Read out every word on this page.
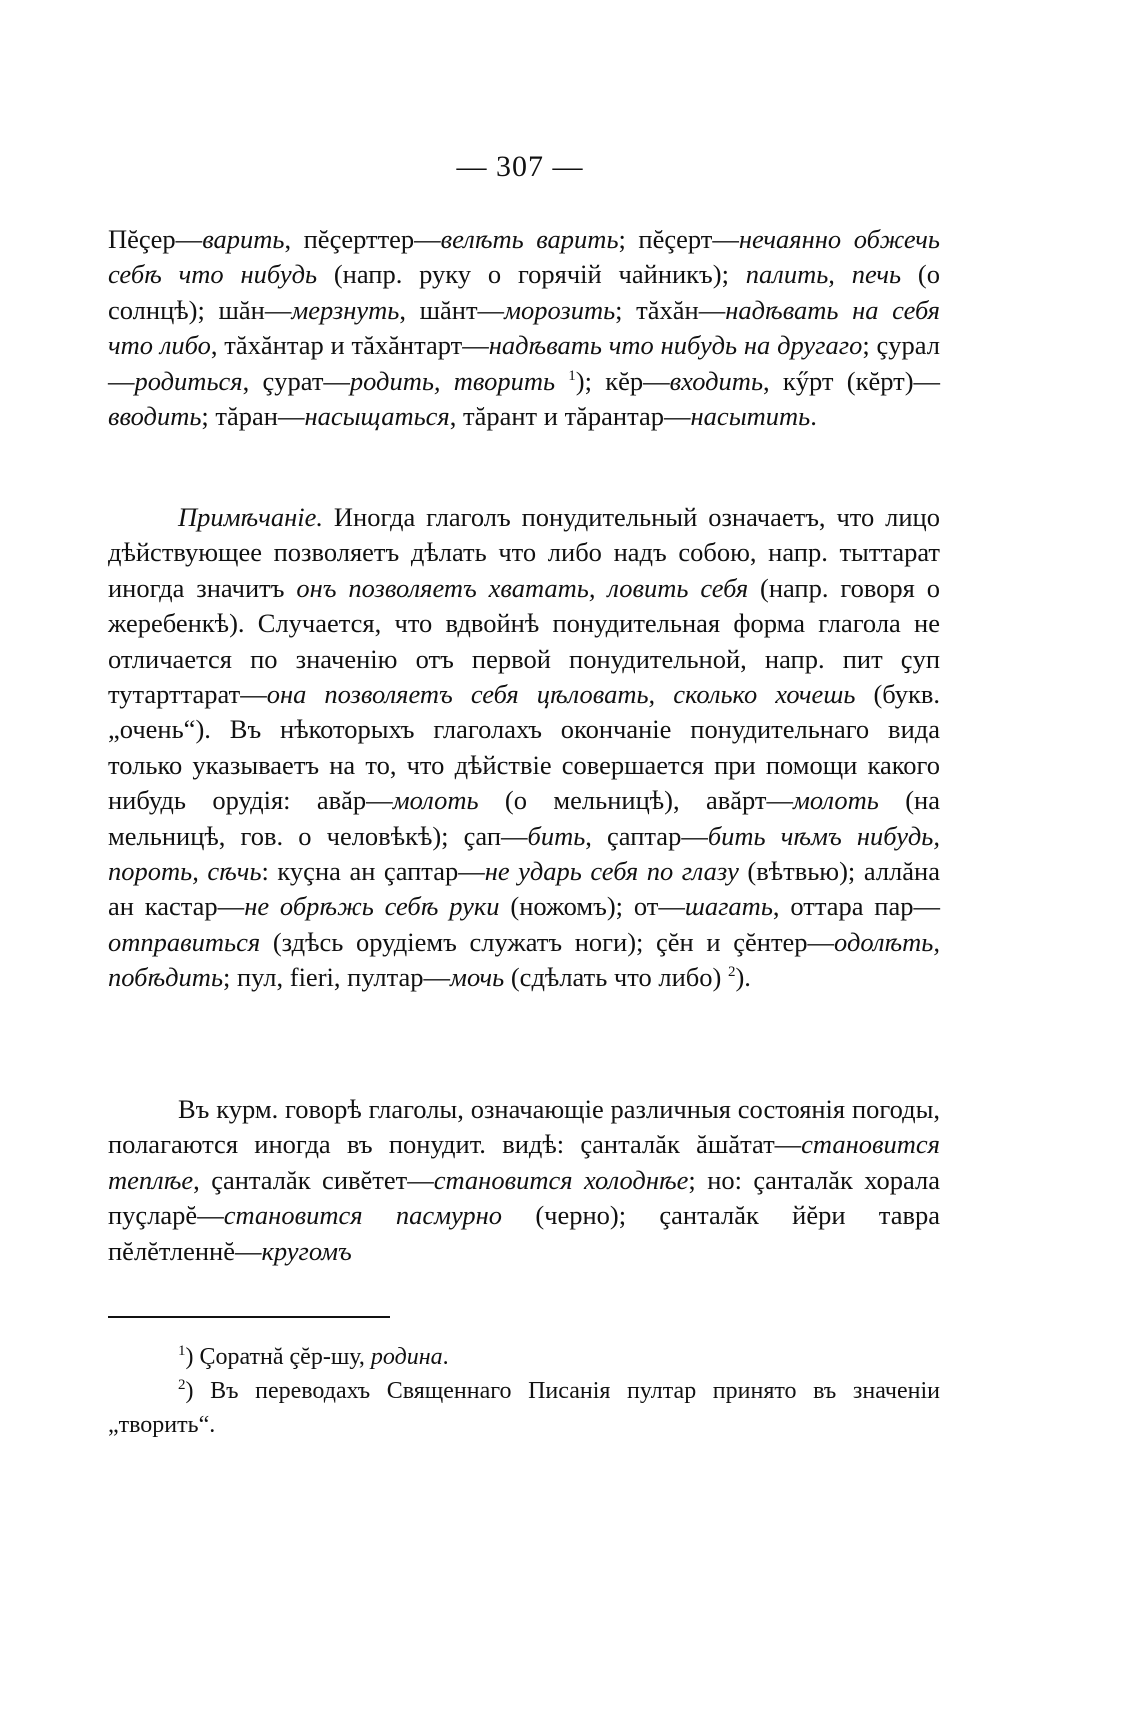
— 307 —

Пĕçер—варить, пĕçерттер—велѣть варить; пĕçерт—нечаянно обжечь себѣ что нибудь (напр. руку о горячій чайникъ); палить, печь (о солнцѣ); шăн—мерзнуть, шăнт—морозить; тăхăн—надѣвать на себя что либо, тăхăнтар и тăхăнтарт—надѣвать что нибудь на другаго; çурал—родиться, çурат—родить, творить $^1$); кĕр—входить, кӳрт (кĕрт)—вводить; тăран—насыщаться, тăрант и тăрантар—насытить.

Примѣчаніе. Иногда глаголъ понудительный означаетъ, что лицо дѣйствующее позволяетъ дѣлать что либо надъ собою, напр. тыттарат иногда значитъ онъ позволяетъ хватать, ловить себя (напр. говоря о жеребенкѣ). Случается, что вдвойнѣ понудительная форма глагола не отличается по значенію отъ первой понудительной, напр. пит ҫуп тутарттарат—она позволяетъ себя цѣловать, сколько хочешь (букв. „очень“). Въ нѣкоторыхъ глаголахъ окончаніе понудительнаго вида только указываетъ на то, что дѣйствіе совершается при помощи какого нибудь орудія: авăр—молоть (о мельницѣ), авăрт—молоть (на мельницѣ, гов. о человѣкѣ); çап—бить, çаптар—бить чѣмъ нибудь, пороть, сѣчь: куçна ан çаптар—не ударь себя по глазу (вѣтвью); аллăна ан кастар—не обрѣжь себѣ руки (ножомъ); от—шагать, оттара пар—отправиться (здѣсь орудіемъ служатъ ноги); çĕн и çĕнтер—одолѣть, побѣдить; пул, fieri, пултар—мочь (сдѣлать что либо) $^2$).

Въ курм. говорѣ глаголы, означающіе различныя состоянія погоды, полагаются иногда въ понудит. видѣ: çанталăк ăшăтат—становится теплѣе, çанталăк сивĕтет—становится холоднѣе; но: çанталăк хорала пуçларĕ—становится пасмурно (черно); çанталăк йĕри тавра пĕлĕтленнĕ—кругомъ

$^1$) Çоратнă çĕр-шу, родина.

$^2$) Въ переводахъ Священнаго Писанія пултар принято въ значеніи „творить“.
